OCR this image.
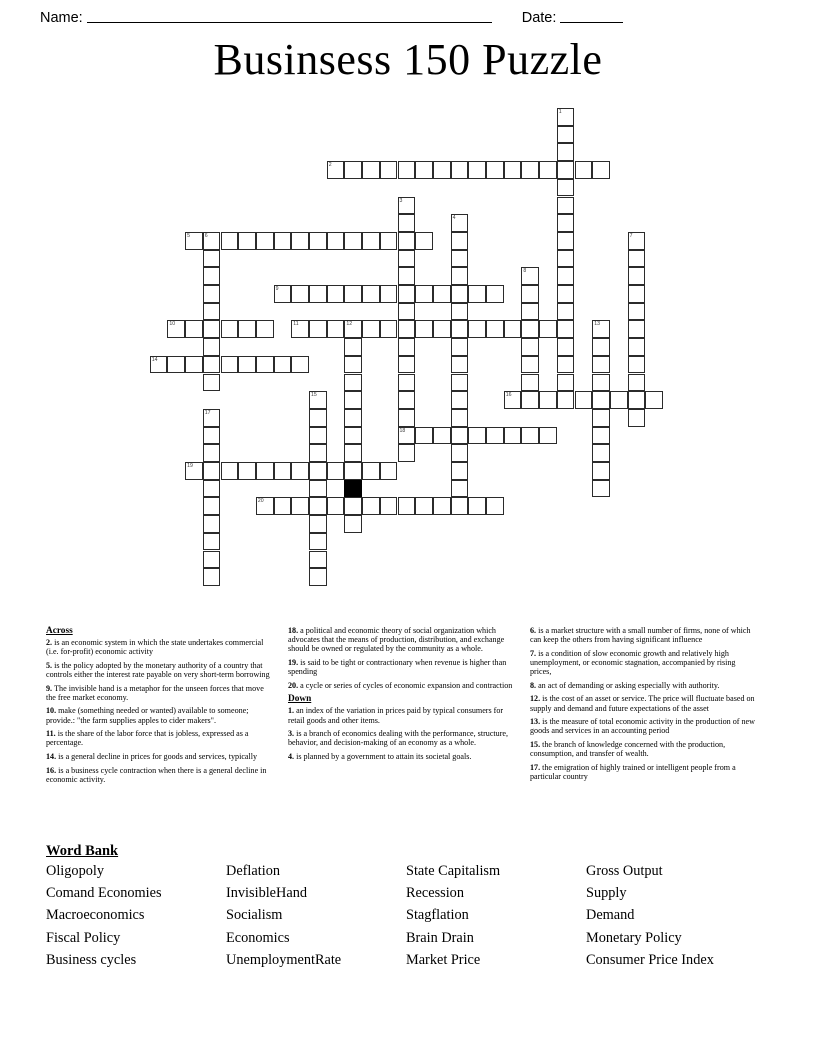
Name:	Date:
Businsess 150 Puzzle
1
2
3
18
4
5	6	7
8
9
10	11	12	13
14
15	16
17
19
20
Across
2. is an economic system in which the state undertakes commercial (i.e. for-profit) economic activity
5. is the policy adopted by the monetary authority of a country that controls either the interest rate payable on very short-term borrowing
9. The invisible hand is a metaphor for the unseen forces that move the free market economy.
10. make (something needed or wanted) available to someone; provide.: "the farm supplies apples to cider makers".
11. is the share of the labor force that is jobless, expressed as a percentage.
14. is a general decline in prices for goods and services, typically
16. is a business cycle contraction when there is a general decline in economic activity.
18. a political and economic theory of social organization which advocates that the means of production, distribution, and exchange should be owned or regulated by the community as a whole.
19. is said to be tight or contractionary when revenue is higher than spending
20. a cycle or series of cycles of economic expansion and contraction
Down
1. an index of the variation in prices paid by typical consumers for retail goods and other items.
3. is a branch of economics dealing with the performance, structure, behavior, and decision-making of an economy as a whole.
4. is planned by a government to attain its societal goals.
6. is a market structure with a small number of firms, none of which can keep the others from having significant influence
7. is a condition of slow economic growth and relatively high unemployment, or economic stagnation, accompanied by rising prices,
8. an act of demanding or asking especially with authority.
12. is the cost of an asset or service. The price will fluctuate based on supply and demand and future expectations of the asset
13. is the measure of total economic activity in the production of new goods and services in an accounting period
15. the branch of knowledge concerned with the production, consumption, and transfer of wealth.
17. the emigration of highly trained or intelligent people from a particular country
Word Bank
Oligopoly	Deflation	State Capitalism	Gross Output
Comand Economies	InvisibleHand	Recession	Supply
Macroeconomics	Socialism	Stagflation	Demand
Fiscal Policy	Economics	Brain Drain	Monetary Policy
Business cycles	UnemploymentRate	Market Price	Consumer Price Index
